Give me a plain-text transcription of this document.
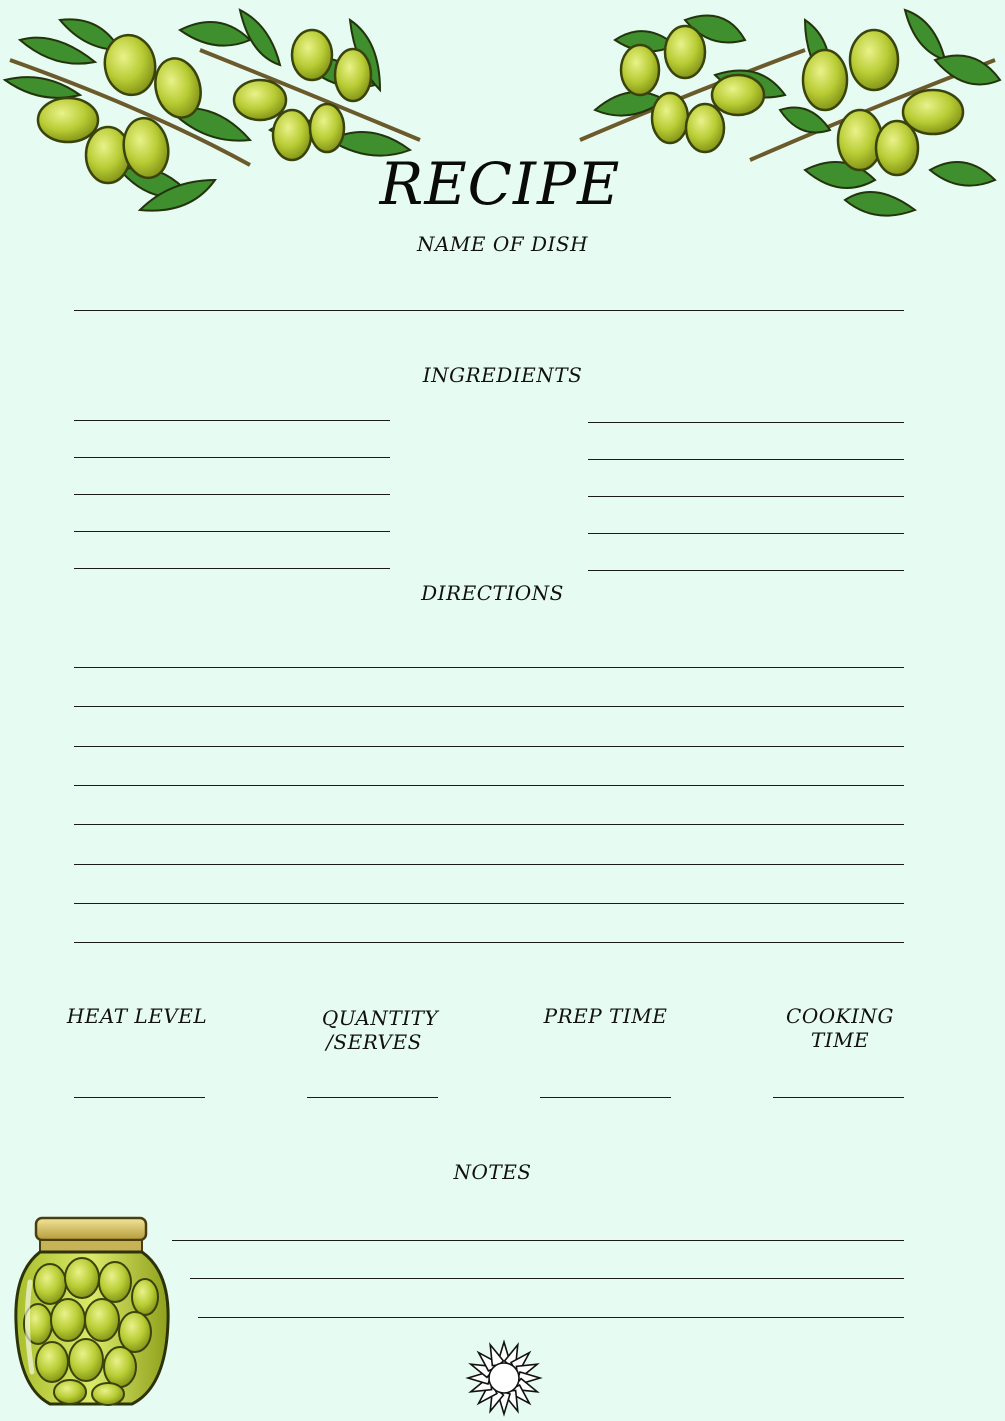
RECIPE
NAME OF DISH
INGREDIENTS
DIRECTIONS
HEAT LEVEL	QUANTITY
/SERVES
PREP TIME	COOKING
TIME
NOTES
